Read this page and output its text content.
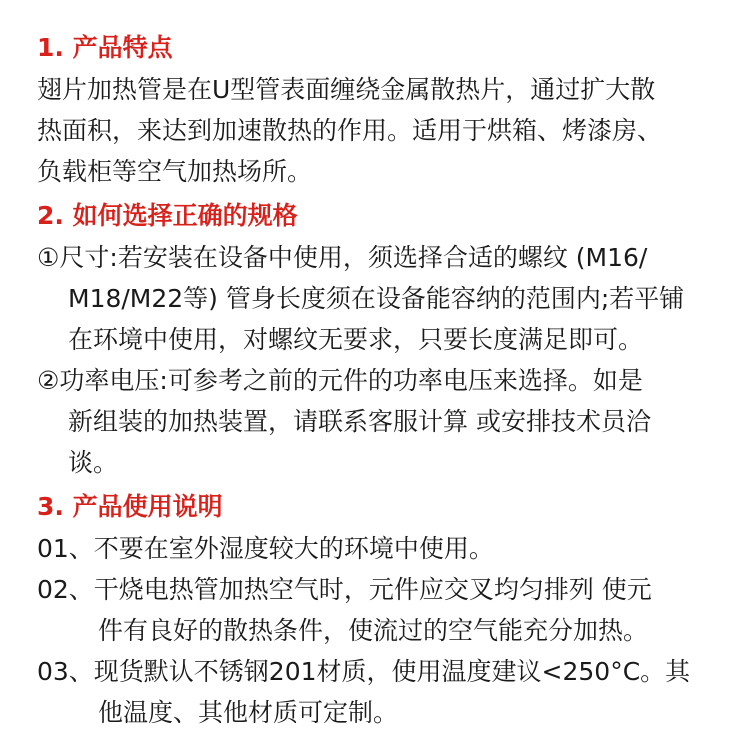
1. 产品特点
翅片加热管是在U型管表面缠绕金属散热片，通过扩大散
热面积，来达到加速散热的作用。适用于烘箱、烤漆房、
负载柜等空气加热场所。
2. 如何选择正确的规格
①尺寸:若安装在设备中使用，须选择合适的螺纹 (M16/
M18/M22等) 管身长度须在设备能容纳的范围内;若平铺
在环境中使用，对螺纹无要求，只要长度满足即可。
②功率电压:可参考之前的元件的功率电压来选择。如是
新组装的加热装置，请联系客服计算 或安排技术员洽
谈。
3. 产品使用说明
01、不要在室外湿度较大的环境中使用。
02、干烧电热管加热空气时，元件应交叉均匀排列 使元
件有良好的散热条件，使流过的空气能充分加热。
03、现货默认不锈钢201材质，使用温度建议<250°C。其
他温度、其他材质可定制。
